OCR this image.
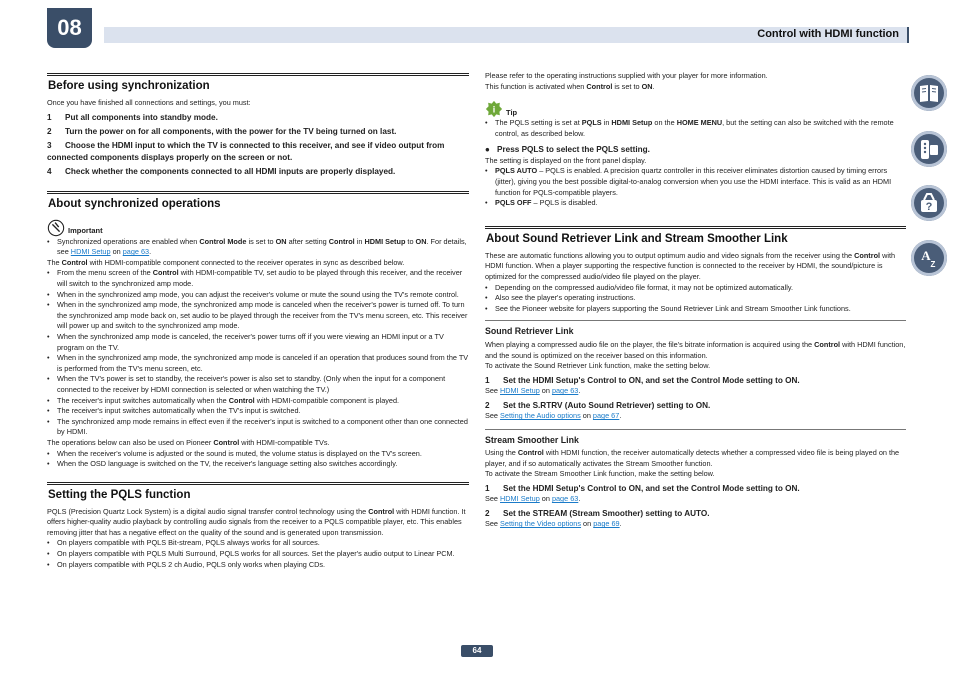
08	Control with HDMI function
Before using synchronization

Once you have finished all connections and settings, you must:

1 Put all components into standby mode.
2 Turn the power on for all components, with the power for the TV being turned on last.
3 Choose the HDMI input to which the TV is connected to this receiver, and see if video output from connected components displays properly on the screen or not.
4 Check whether the components connected to all HDMI inputs are properly displayed.
About synchronized operations
Important
•	Synchronized operations are enabled when Control Mode is set to ON after setting Control in HDMI Setup to ON. For details, see HDMI Setup on page 63.

The Control with HDMI-compatible component connected to the receiver operates in sync as described below.

•	From the menu screen of the Control with HDMI-compatible TV, set audio to be played through this receiver, and the receiver will switch to the synchronized amp mode.
•	When in the synchronized amp mode, you can adjust the receiver's volume or mute the sound using the TV's remote control.
•	When in the synchronized amp mode, the synchronized amp mode is canceled when the receiver's power is turned off. To turn the synchronized amp mode back on, set audio to be played through the receiver from the TV's menu screen, etc. This receiver will power up and switch to the synchronized amp mode.
•	When the synchronized amp mode is canceled, the receiver's power turns off if you were viewing an HDMI input or a TV program on the TV.
•	When in the synchronized amp mode, the synchronized amp mode is canceled if an operation that produces sound from the TV is performed from the TV's menu screen, etc.
•	When the TV's power is set to standby, the receiver's power is also set to standby. (Only when the input for a component connected to the receiver by HDMI connection is selected or when watching the TV.)
•	The receiver's input switches automatically when the Control with HDMI-compatible component is played.
•	The receiver's input switches automatically when the TV's input is switched.
•	The synchronized amp mode remains in effect even if the receiver's input is switched to a component other than one connected by HDMI.

The operations below can also be used on Pioneer Control with HDMI-compatible TVs.

•	When the receiver's volume is adjusted or the sound is muted, the volume status is displayed on the TV's screen.
•	When the OSD language is switched on the TV, the receiver's language setting also switches accordingly.
Setting the PQLS function

PQLS (Precision Quartz Lock System) is a digital audio signal transfer control technology using the Control with HDMI function. It offers higher-quality audio playback by controlling audio signals from the receiver to a PQLS compatible player, etc. This enables removing jitter that has a negative effect on the quality of the sound and is generated upon transmission.

•	On players compatible with PQLS Bit-stream, PQLS always works for all sources.
•	On players compatible with PQLS Multi Surround, PQLS works for all sources. Set the player's audio output to Linear PCM.
•	On players compatible with PQLS 2 ch Audio, PQLS only works when playing CDs.

Please refer to the operating instructions supplied with your player for more information.

This function is activated when Control is set to ON.

i Tip
•	The PQLS setting is set at PQLS in HDMI Setup on the HOME MENU, but the setting can also be switched with the remote control, as described below.
● Press PQLS to select the PQLS setting.

The setting is displayed on the front panel display.

•	PQLS AUTO – PQLS is enabled. A precision quartz controller in this receiver eliminates distortion caused by timing errors (jitter), giving you the best possible digital-to-analog conversion when you use the HDMI interface. This is valid as an HDMI function for PQLS-compatible players.
•	PQLS OFF – PQLS is disabled.
About Sound Retriever Link and Stream Smoother Link

These are automatic functions allowing you to output optimum audio and video signals from the receiver using the Control with HDMI function. When a player supporting the respective function is connected to the receiver by HDMI, the sound/picture is optimized for the compressed audio/video file played on the player.

•	Depending on the compressed audio/video file format, it may not be optimized automatically.
•	Also see the player's operating instructions.
•	See the Pioneer website for players supporting the Sound Retriever Link and Stream Smoother Link functions.
Sound Retriever Link

When playing a compressed audio file on the player, the file's bitrate information is acquired using the Control with HDMI function, and the sound is optimized on the receiver based on this information.

To activate the Sound Retriever Link function, make the setting below.

1 Set the HDMI Setup's Control to ON, and set the Control Mode setting to ON.

See HDMI Setup on page 63.

2 Set the S.RTRV (Auto Sound Retriever) setting to ON.

See Setting the Audio options on page 67.

Stream Smoother Link

Using the Control with HDMI function, the receiver automatically detects whether a compressed video file is being played on the player, and if so automatically activates the Stream Smoother function.

To activate the Stream Smoother Link function, make the setting below.

1 Set the HDMI Setup's Control to ON, and set the Control Mode setting to ON.

See HDMI Setup on page 63.

2 Set the STREAM (Stream Smoother) setting to AUTO.

See Setting the Video options on page 69.

?
A
Z
64
